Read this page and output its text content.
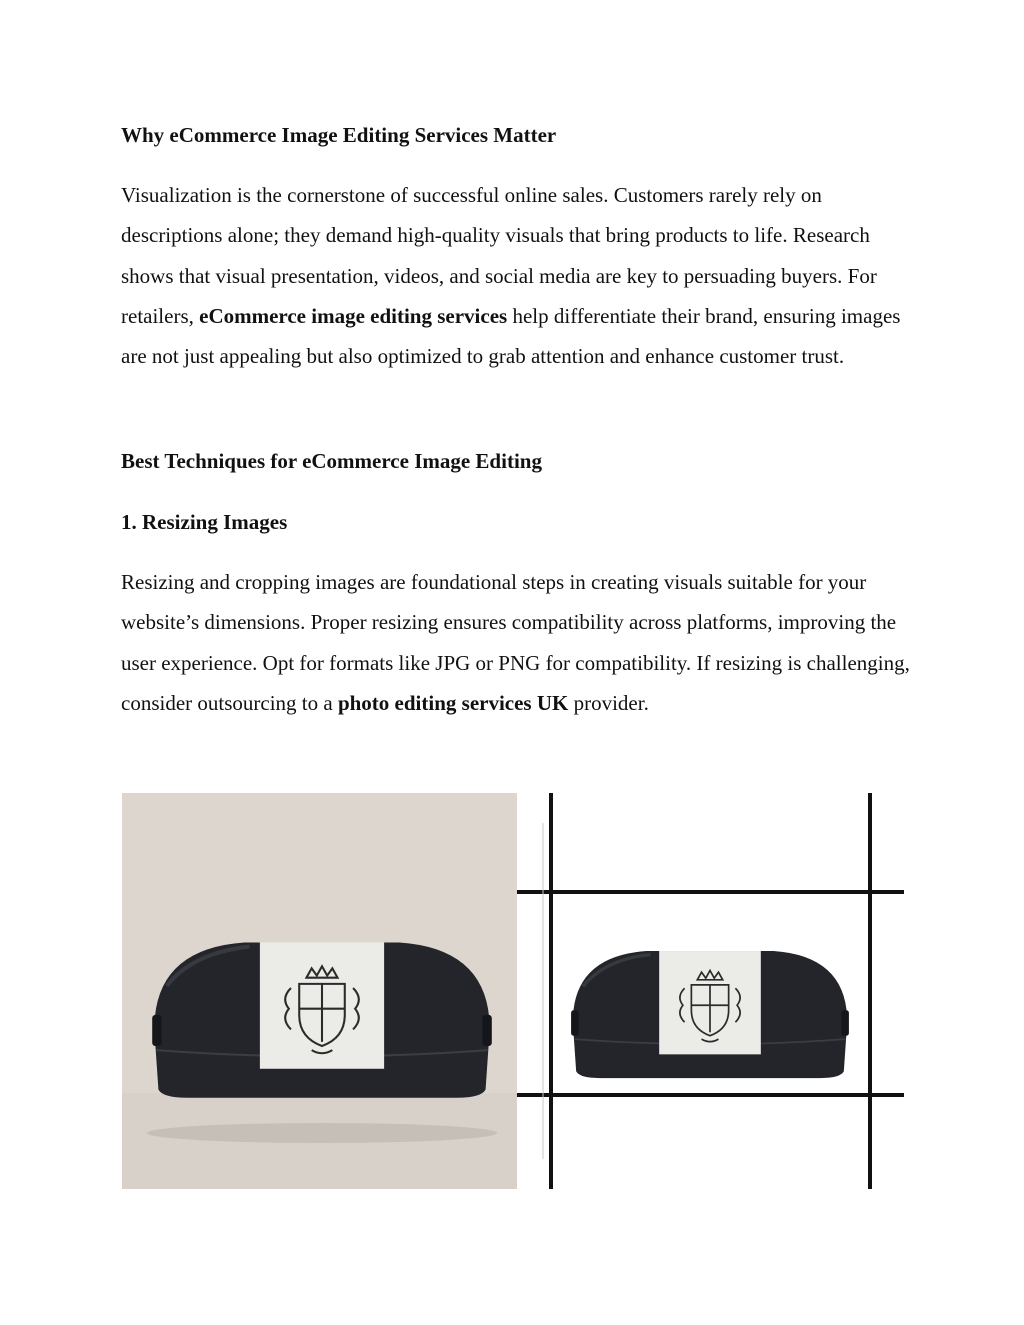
Why eCommerce Image Editing Services Matter

Visualization is the cornerstone of successful online sales. Customers rarely rely on descriptions alone; they demand high-quality visuals that bring products to life. Research shows that visual presentation, videos, and social media are key to persuading buyers. For retailers, eCommerce image editing services help differentiate their brand, ensuring images are not just appealing but also optimized to grab attention and enhance customer trust.

Best Techniques for eCommerce Image Editing
1. Resizing Images

Resizing and cropping images are foundational steps in creating visuals suitable for your website’s dimensions. Proper resizing ensures compatibility across platforms, improving the user experience. Opt for formats like JPG or PNG for compatibility. If resizing is challenging, consider outsourcing to a photo editing services UK provider.
